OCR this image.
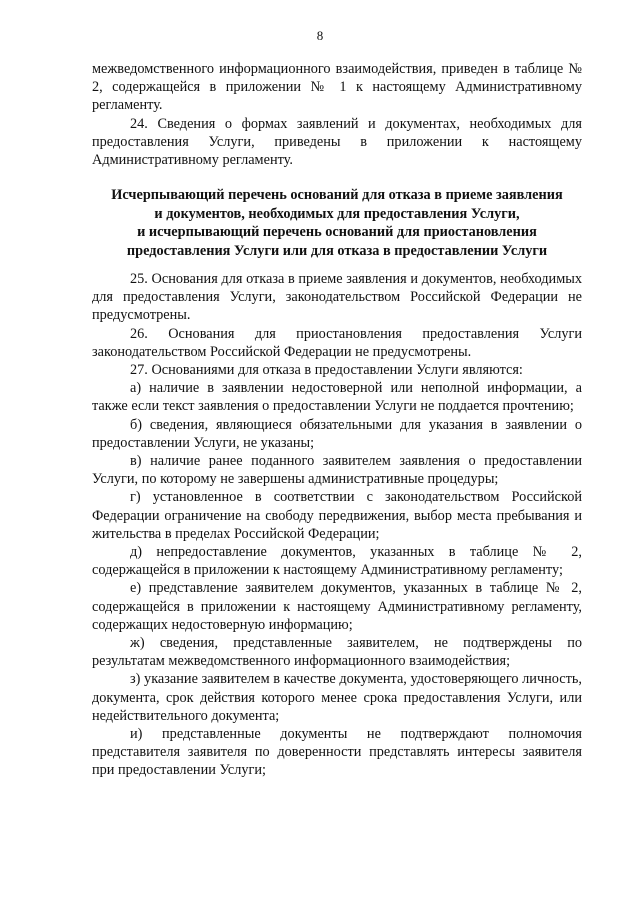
8

межведомственного информационного взаимодействия, приведен в таблице № 2, содержащейся в приложении № 1 к настоящему Административному регламенту.

24. Сведения о формах заявлений и документах, необходимых для предоставления Услуги, приведены в приложении к настоящему Административному регламенту.

Исчерпывающий перечень оснований для отказа в приеме заявления
и документов, необходимых для предоставления Услуги,
и исчерпывающий перечень оснований для приостановления
предоставления Услуги или для отказа в предоставлении Услуги

25. Основания для отказа в приеме заявления и документов, необходимых для предоставления Услуги, законодательством Российской Федерации не предусмотрены.

26. Основания для приостановления предоставления Услуги законодательством Российской Федерации не предусмотрены.

27. Основаниями для отказа в предоставлении Услуги являются:

а) наличие в заявлении недостоверной или неполной информации, а также если текст заявления о предоставлении Услуги не поддается прочтению;

б) сведения, являющиеся обязательными для указания в заявлении о предоставлении Услуги, не указаны;

в) наличие ранее поданного заявителем заявления о предоставлении Услуги, по которому не завершены административные процедуры;

г) установленное в соответствии с законодательством Российской Федерации ограничение на свободу передвижения, выбор места пребывания и жительства в пределах Российской Федерации;

д) непредоставление документов, указанных в таблице № 2, содержащейся в приложении к настоящему Административному регламенту;

е) представление заявителем документов, указанных в таблице № 2, содержащейся в приложении к настоящему Административному регламенту, содержащих недостоверную информацию;

ж) сведения, представленные заявителем, не подтверждены по результатам межведомственного информационного взаимодействия;

з) указание заявителем в качестве документа, удостоверяющего личность, документа, срок действия которого менее срока предоставления Услуги, или недействительного документа;

и) представленные документы не подтверждают полномочия представителя заявителя по доверенности представлять интересы заявителя при предоставлении Услуги;
